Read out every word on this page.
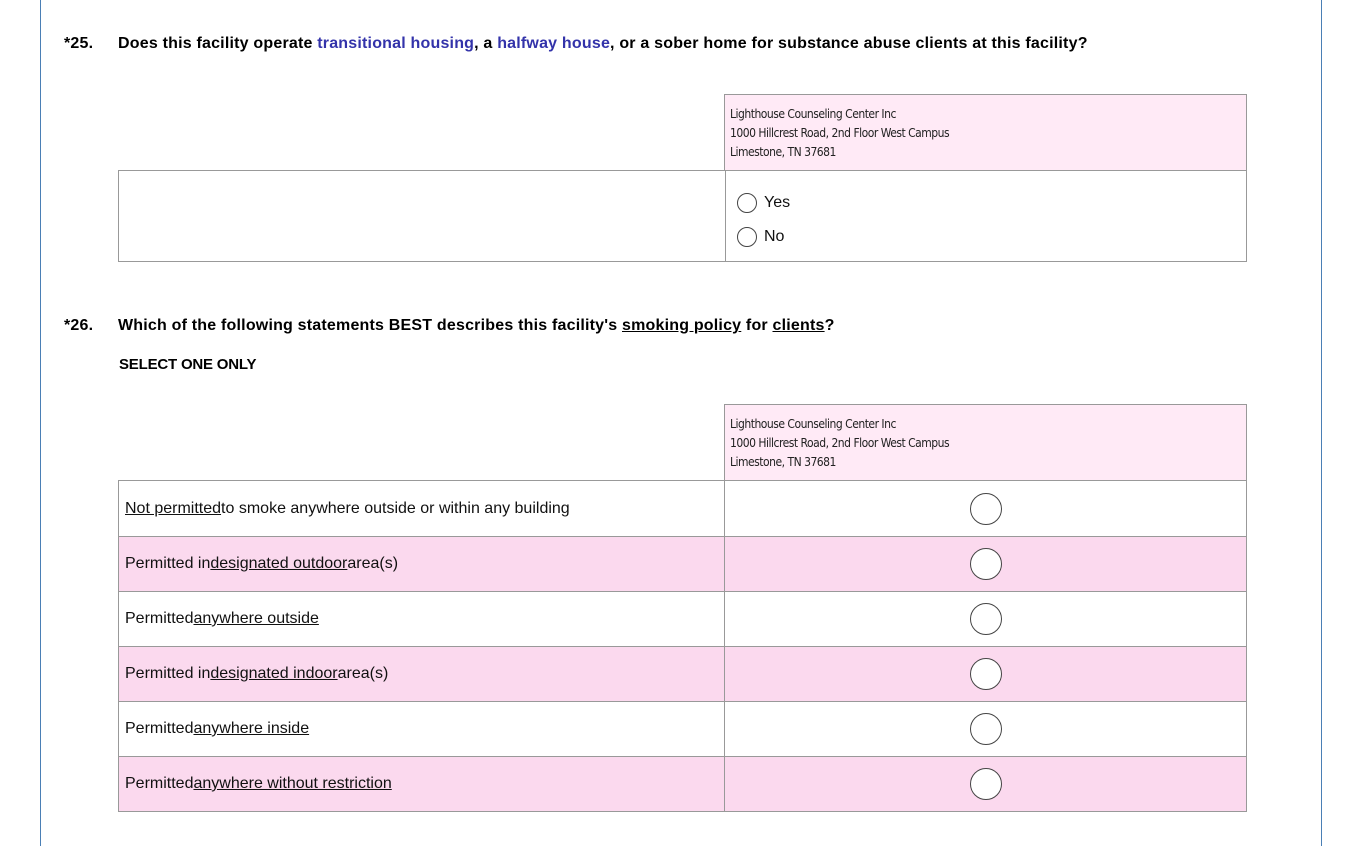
*25. Does this facility operate transitional housing, a halfway house, or a sober home for substance abuse clients at this facility?
Lighthouse Counseling Center Inc
1000 Hillcrest Road, 2nd Floor West Campus
Limestone, TN 37681
Yes
No
*26. Which of the following statements BEST describes this facility's smoking policy for clients?
SELECT ONE ONLY
Lighthouse Counseling Center Inc
1000 Hillcrest Road, 2nd Floor West Campus
Limestone, TN 37681
Not permitted to smoke anywhere outside or within any building
Permitted in designated outdoor area(s)
Permitted anywhere outside
Permitted in designated indoor area(s)
Permitted anywhere inside
Permitted anywhere without restriction
